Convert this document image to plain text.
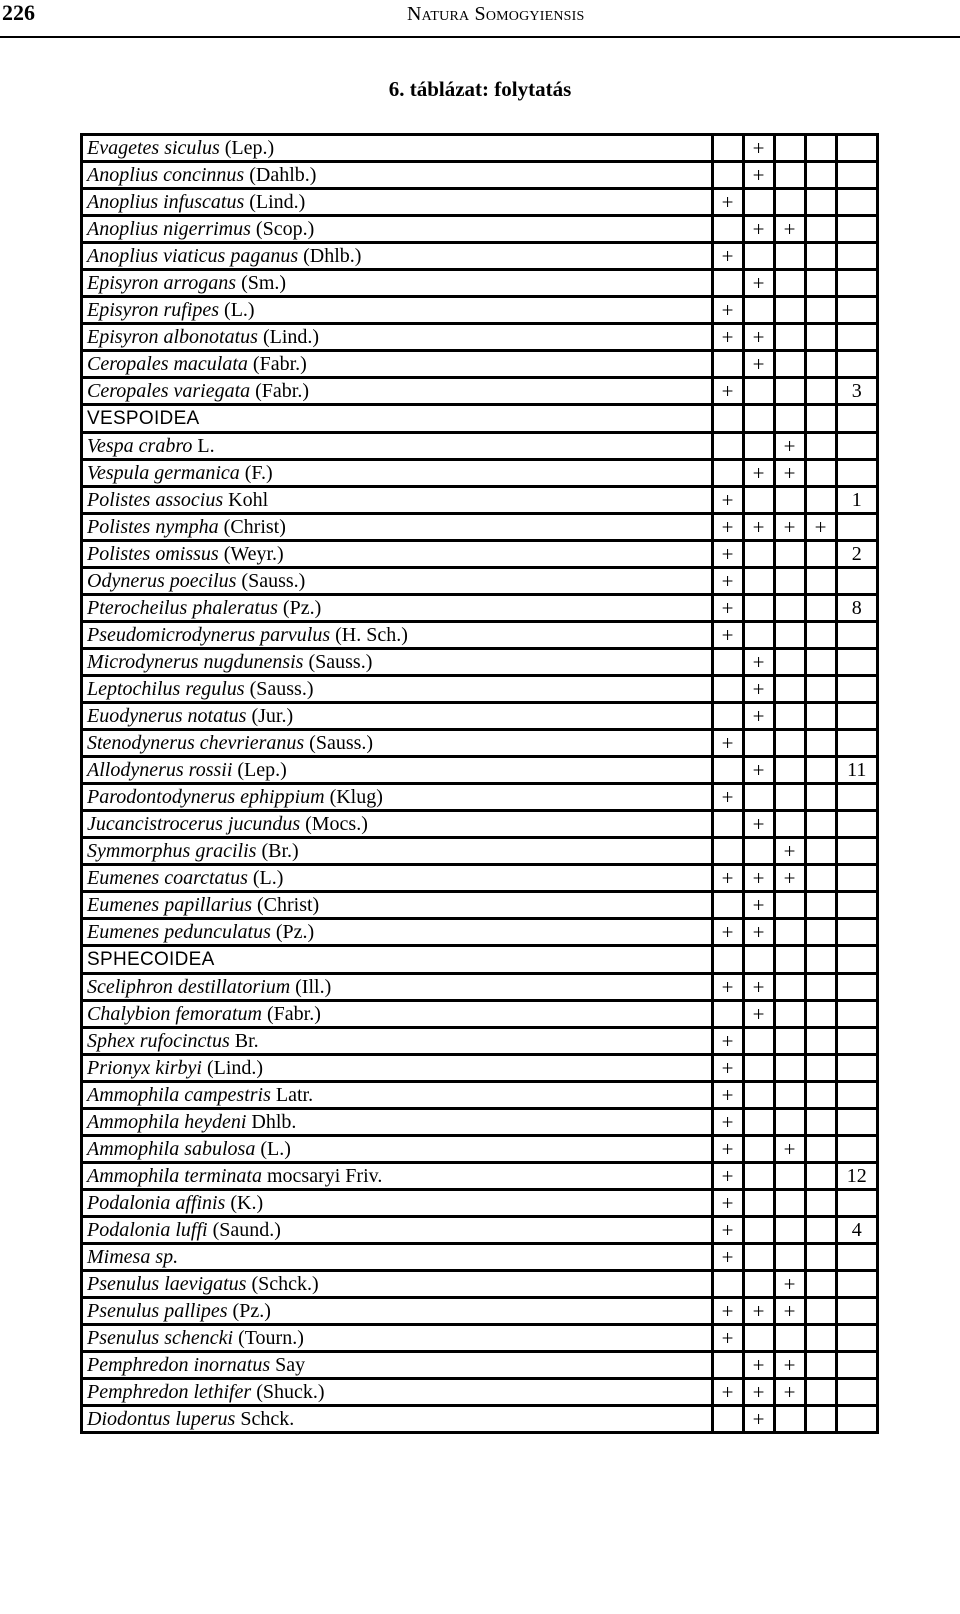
226	Natura Somogyiensis
6. táblázat: folytatás
Evagetes siculus (Lep.)		+			
Anoplius concinnus (Dahlb.)		+			
Anoplius infuscatus (Lind.)	+				
Anoplius nigerrimus (Scop.)		+	+		
Anoplius viaticus paganus (Dhlb.)	+				
Episyron arrogans (Sm.)		+			
Episyron rufipes (L.)	+				
Episyron albonotatus (Lind.)	+	+			
Ceropales maculata (Fabr.)		+			
Ceropales variegata (Fabr.)	+				3
VESPOIDEA					
Vespa crabro L.			+		
Vespula germanica (F.)		+	+		
Polistes associus Kohl	+				1
Polistes nympha (Christ)	+	+	+	+	
Polistes omissus (Weyr.)	+				2
Odynerus poecilus (Sauss.)	+				
Pterocheilus phaleratus (Pz.)	+				8
Pseudomicrodynerus parvulus (H. Sch.)	+				
Microdynerus nugdunensis (Sauss.)		+			
Leptochilus regulus (Sauss.)		+			
Euodynerus notatus (Jur.)		+			
Stenodynerus chevrieranus (Sauss.)	+				
Allodynerus rossii (Lep.)		+			11
Parodontodynerus ephippium (Klug)	+				
Jucancistrocerus jucundus (Mocs.)		+			
Symmorphus gracilis (Br.)			+		
Eumenes coarctatus (L.)	+	+	+		
Eumenes papillarius (Christ)		+			
Eumenes pedunculatus (Pz.)	+	+			
SPHECOIDEA					
Sceliphron destillatorium (Ill.)	+	+			
Chalybion femoratum (Fabr.)		+			
Sphex rufocinctus Br.	+				
Prionyx kirbyi (Lind.)	+				
Ammophila campestris Latr.	+				
Ammophila heydeni Dhlb.	+				
Ammophila sabulosa (L.)	+		+		
Ammophila terminata mocsaryi Friv.	+				12
Podalonia affinis (K.)	+				
Podalonia luffi (Saund.)	+				4
Mimesa sp.	+				
Psenulus laevigatus (Schck.)			+		
Psenulus pallipes (Pz.)	+	+	+		
Psenulus schencki (Tourn.)	+				
Pemphredon inornatus Say		+	+		
Pemphredon lethifer (Shuck.)	+	+	+		
Diodontus luperus Schck.		+			
